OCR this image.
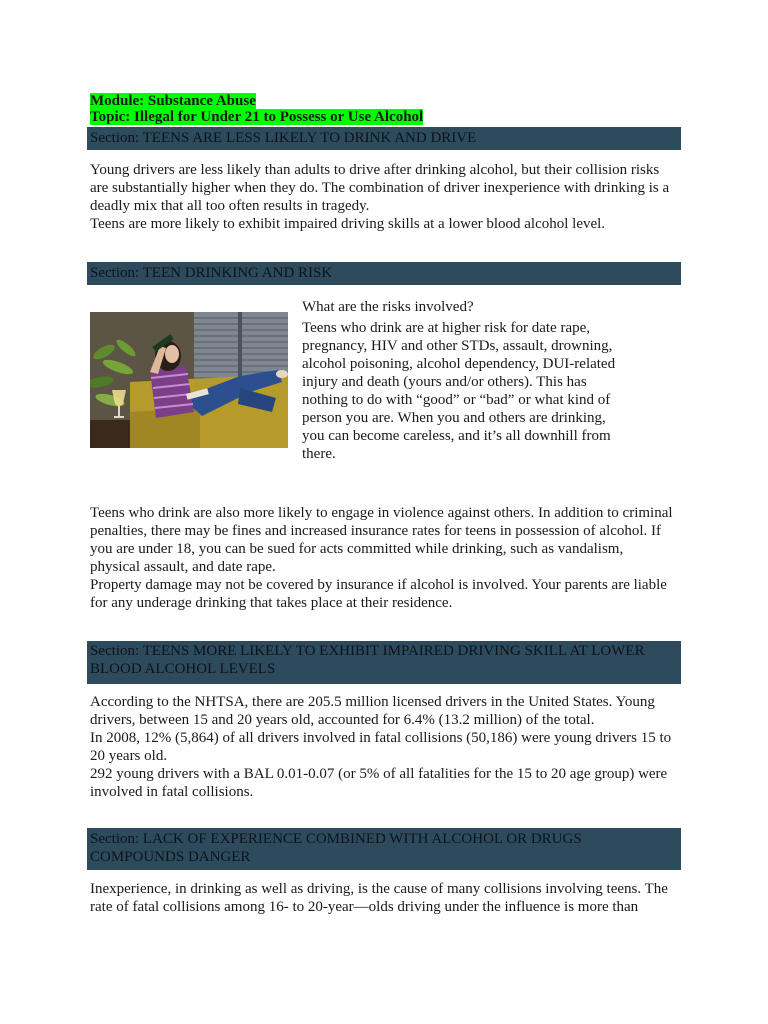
Module: Substance Abuse
Topic: Illegal for Under 21 to Possess or Use Alcohol
Section: TEENS ARE LESS LIKELY TO DRINK AND DRIVE
Young drivers are less likely than adults to drive after drinking alcohol, but their collision risks
are substantially higher when they do. The combination of driver inexperience with drinking is a
deadly mix that all too often results in tragedy.
Teens are more likely to exhibit impaired driving skills at a lower blood alcohol level.
Section: TEEN DRINKING AND RISK
What are the risks involved?
Teens who drink are at higher risk for date rape,
pregnancy, HIV and other STDs, assault, drowning,
alcohol poisoning, alcohol dependency, DUI-related
injury and death (yours and/or others). This has
nothing to do with “good” or “bad” or what kind of
person you are. When you and others are drinking,
you can become careless, and it’s all downhill from
there.
Teens who drink are also more likely to engage in violence against others. In addition to criminal
penalties, there may be fines and increased insurance rates for teens in possession of alcohol. If
you are under 18, you can be sued for acts committed while drinking, such as vandalism,
physical assault, and date rape.
Property damage may not be covered by insurance if alcohol is involved. Your parents are liable
for any underage drinking that takes place at their residence.
Section: TEENS MORE LIKELY TO EXHIBIT IMPAIRED DRIVING SKILL AT LOWER
BLOOD ALCOHOL LEVELS
According to the NHTSA, there are 205.5 million licensed drivers in the United States. Young
drivers, between 15 and 20 years old, accounted for 6.4% (13.2 million) of the total.
In 2008, 12% (5,864) of all drivers involved in fatal collisions (50,186) were young drivers 15 to
20 years old.
292 young drivers with a BAL 0.01-0.07 (or 5% of all fatalities for the 15 to 20 age group) were
involved in fatal collisions.
Section: LACK OF EXPERIENCE COMBINED WITH ALCOHOL OR DRUGS
COMPOUNDS DANGER
Inexperience, in drinking as well as driving, is the cause of many collisions involving teens. The
rate of fatal collisions among 16- to 20-year—olds driving under the influence is more than
